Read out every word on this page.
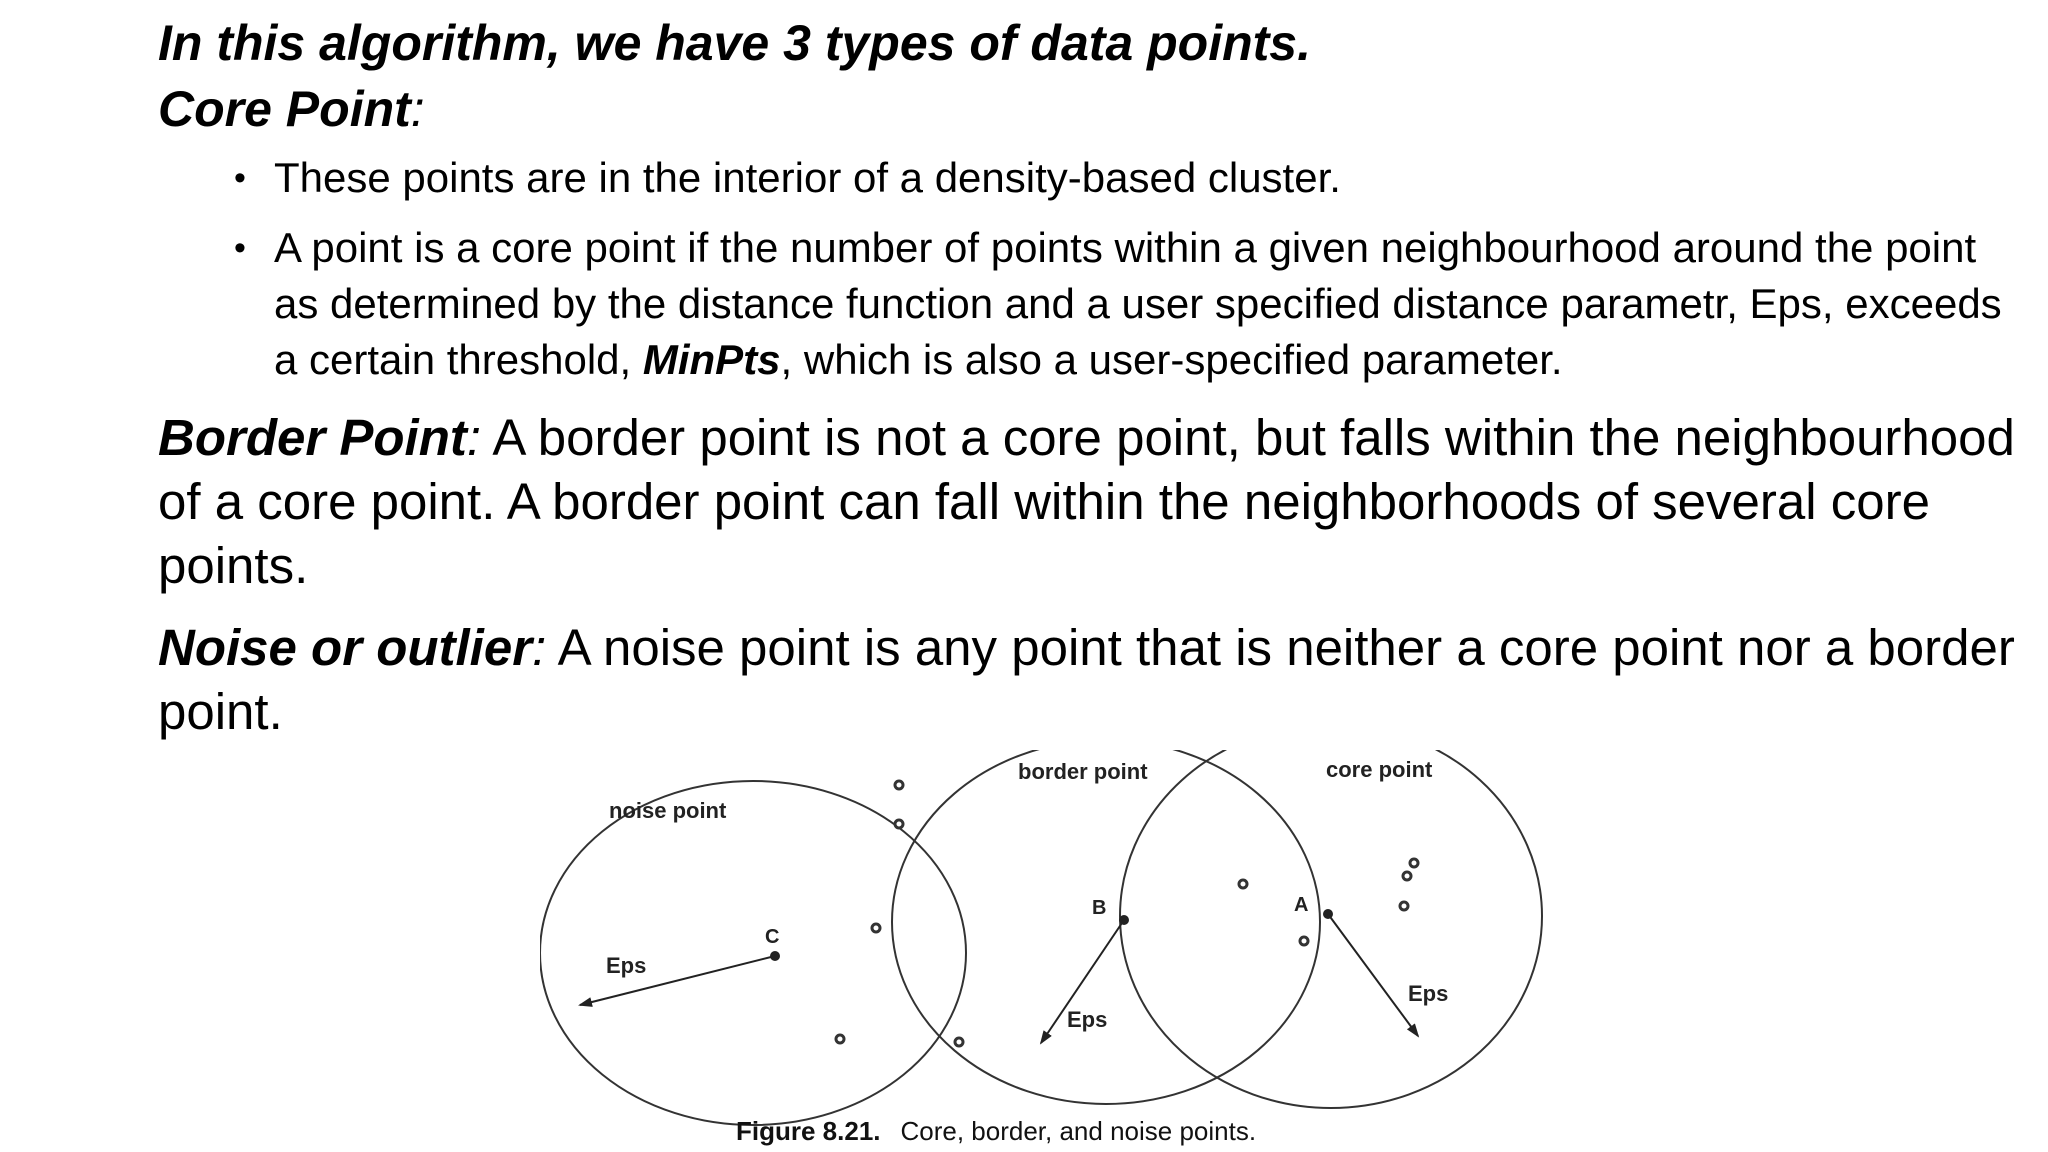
In this algorithm, we have 3 types of data points.

Core Point:

• These points are in the interior of a density-based cluster.
• A point is a core point if the number of points within a given neighbourhood around the point as determined by the distance function and a user specified distance parametr, Eps, exceeds a certain threshold, MinPts, which is also a user-specified parameter.

Border Point: A border point is not a core point, but falls within the neighbourhood of a core point. A border point can fall within the neighborhoods of several core points.

Noise or outlier: A noise point is any point that is neither a core point nor a border point.

noise point
border point	core point
C
B	A
Eps
Eps
Eps
Figure 8.21. Core, border, and noise points.
